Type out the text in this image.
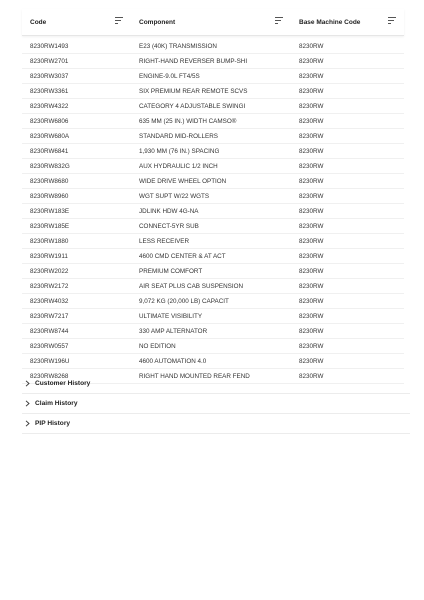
Code	Component	Base Machine Code
8230RW1493	E23 (40K) TRANSMISSION	8230RW
8230RW2701	RIGHT-HAND REVERSER BUMP-SHI	8230RW
8230RW3037	ENGINE-9.0L FT4/5S	8230RW
8230RW3361	SIX PREMIUM REAR REMOTE SCVS	8230RW
8230RW4322	CATEGORY 4 ADJUSTABLE SWINGI	8230RW
8230RW6806	635 MM (25 IN.) WIDTH CAMSO®	8230RW
8230RW680A	STANDARD MID-ROLLERS	8230RW
8230RW6841	1,930 MM (76 IN.) SPACING	8230RW
8230RW832G	AUX HYDRAULIC 1/2 INCH	8230RW
8230RW8680	WIDE DRIVE WHEEL OPTION	8230RW
8230RW8960	WGT SUPT W/22 WGTS	8230RW
8230RW183E	JDLINK HDW 4G-NA	8230RW
8230RW185E	CONNECT-5YR SUB	8230RW
8230RW1880	LESS RECEIVER	8230RW
8230RW1911	4600 CMD CENTER & AT ACT	8230RW
8230RW2022	PREMIUM COMFORT	8230RW
8230RW2172	AIR SEAT PLUS CAB SUSPENSION	8230RW
8230RW4032	9,072 KG (20,000 LB) CAPACIT	8230RW
8230RW7217	ULTIMATE VISIBILITY	8230RW
8230RW8744	330 AMP ALTERNATOR	8230RW
8230RW0557	NO EDITION	8230RW
8230RW196U	4600 AUTOMATION 4.0	8230RW
8230RW8268	RIGHT HAND MOUNTED REAR FEND	8230RW
Customer History
Claim History
PIP History
